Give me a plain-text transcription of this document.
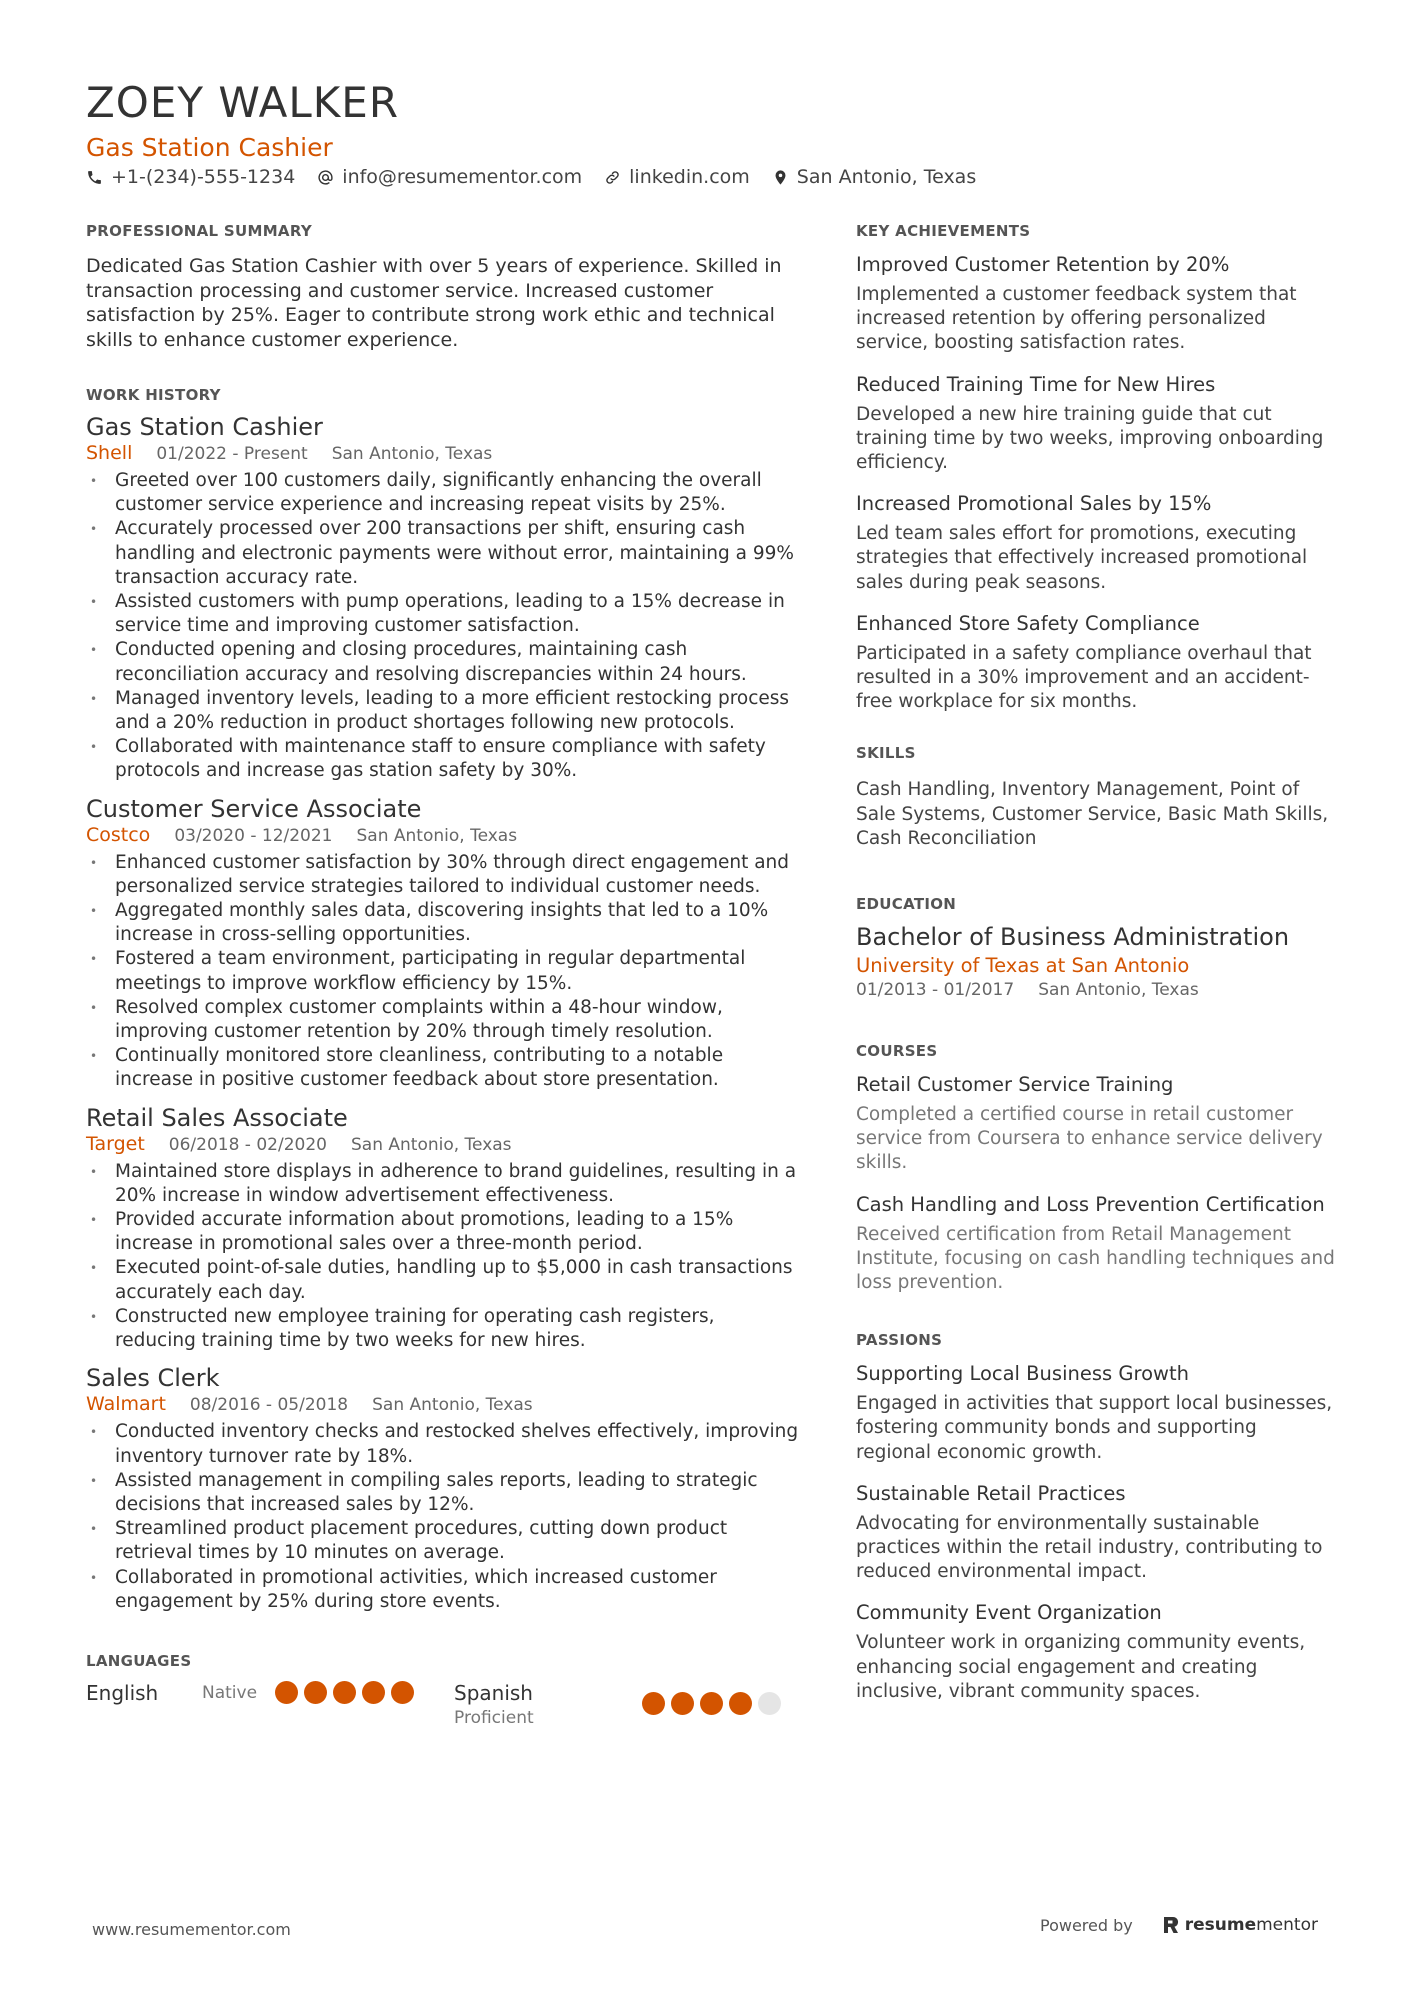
ZOEY WALKER
Gas Station Cashier
+1-(234)-555-1234 info@resumementor.com linkedin.com San Antonio, Texas
PROFESSIONAL SUMMARY

Dedicated Gas Station Cashier with over 5 years of experience. Skilled in transaction processing and customer service. Increased customer satisfaction by 25%. Eager to contribute strong work ethic and technical skills to enhance customer experience.

WORK HISTORY
Gas Station Cashier
Shell 01/2022 - Present San Antonio, Texas
• Greeted over 100 customers daily, significantly enhancing the overall customer service experience and increasing repeat visits by 25%.
• Accurately processed over 200 transactions per shift, ensuring cash handling and electronic payments were without error, maintaining a 99% transaction accuracy rate.
• Assisted customers with pump operations, leading to a 15% decrease in service time and improving customer satisfaction.
• Conducted opening and closing procedures, maintaining cash reconciliation accuracy and resolving discrepancies within 24 hours.
• Managed inventory levels, leading to a more efficient restocking process and a 20% reduction in product shortages following new protocols.
• Collaborated with maintenance staff to ensure compliance with safety protocols and increase gas station safety by 30%.
Customer Service Associate
Costco 03/2020 - 12/2021 San Antonio, Texas
• Enhanced customer satisfaction by 30% through direct engagement and personalized service strategies tailored to individual customer needs.
• Aggregated monthly sales data, discovering insights that led to a 10% increase in cross-selling opportunities.
• Fostered a team environment, participating in regular departmental meetings to improve workflow efficiency by 15%.
• Resolved complex customer complaints within a 48-hour window, improving customer retention by 20% through timely resolution.
• Continually monitored store cleanliness, contributing to a notable increase in positive customer feedback about store presentation.
Retail Sales Associate
Target 06/2018 - 02/2020 San Antonio, Texas
• Maintained store displays in adherence to brand guidelines, resulting in a 20% increase in window advertisement effectiveness.
• Provided accurate information about promotions, leading to a 15% increase in promotional sales over a three-month period.
• Executed point-of-sale duties, handling up to $5,000 in cash transactions accurately each day.
• Constructed new employee training for operating cash registers, reducing training time by two weeks for new hires.
Sales Clerk
Walmart 08/2016 - 05/2018 San Antonio, Texas
• Conducted inventory checks and restocked shelves effectively, improving inventory turnover rate by 18%.
• Assisted management in compiling sales reports, leading to strategic decisions that increased sales by 12%.
• Streamlined product placement procedures, cutting down product retrieval times by 10 minutes on average.
• Collaborated in promotional activities, which increased customer engagement by 25% during store events.
LANGUAGES
English	Native	Spanish
Proficient
KEY ACHIEVEMENTS
Improved Customer Retention by 20%
Implemented a customer feedback system that increased retention by offering personalized service, boosting satisfaction rates.
Reduced Training Time for New Hires
Developed a new hire training guide that cut training time by two weeks, improving onboarding efficiency.
Increased Promotional Sales by 15%
Led team sales effort for promotions, executing strategies that effectively increased promotional sales during peak seasons.
Enhanced Store Safety Compliance
Participated in a safety compliance overhaul that resulted in a 30% improvement and an accident-free workplace for six months.
SKILLS
Cash Handling, Inventory Management, Point of Sale Systems, Customer Service, Basic Math Skills, Cash Reconciliation
EDUCATION
Bachelor of Business Administration
University of Texas at San Antonio
01/2013 - 01/2017 San Antonio, Texas
COURSES
Retail Customer Service Training
Completed a certified course in retail customer service from Coursera to enhance service delivery skills.
Cash Handling and Loss Prevention Certification
Received certification from Retail Management Institute, focusing on cash handling techniques and loss prevention.
PASSIONS
Supporting Local Business Growth
Engaged in activities that support local businesses, fostering community bonds and supporting regional economic growth.
Sustainable Retail Practices
Advocating for environmentally sustainable practices within the retail industry, contributing to reduced environmental impact.
Community Event Organization
Volunteer work in organizing community events, enhancing social engagement and creating inclusive, vibrant community spaces.
www.resumementor.com	Powered by	resume mentor
